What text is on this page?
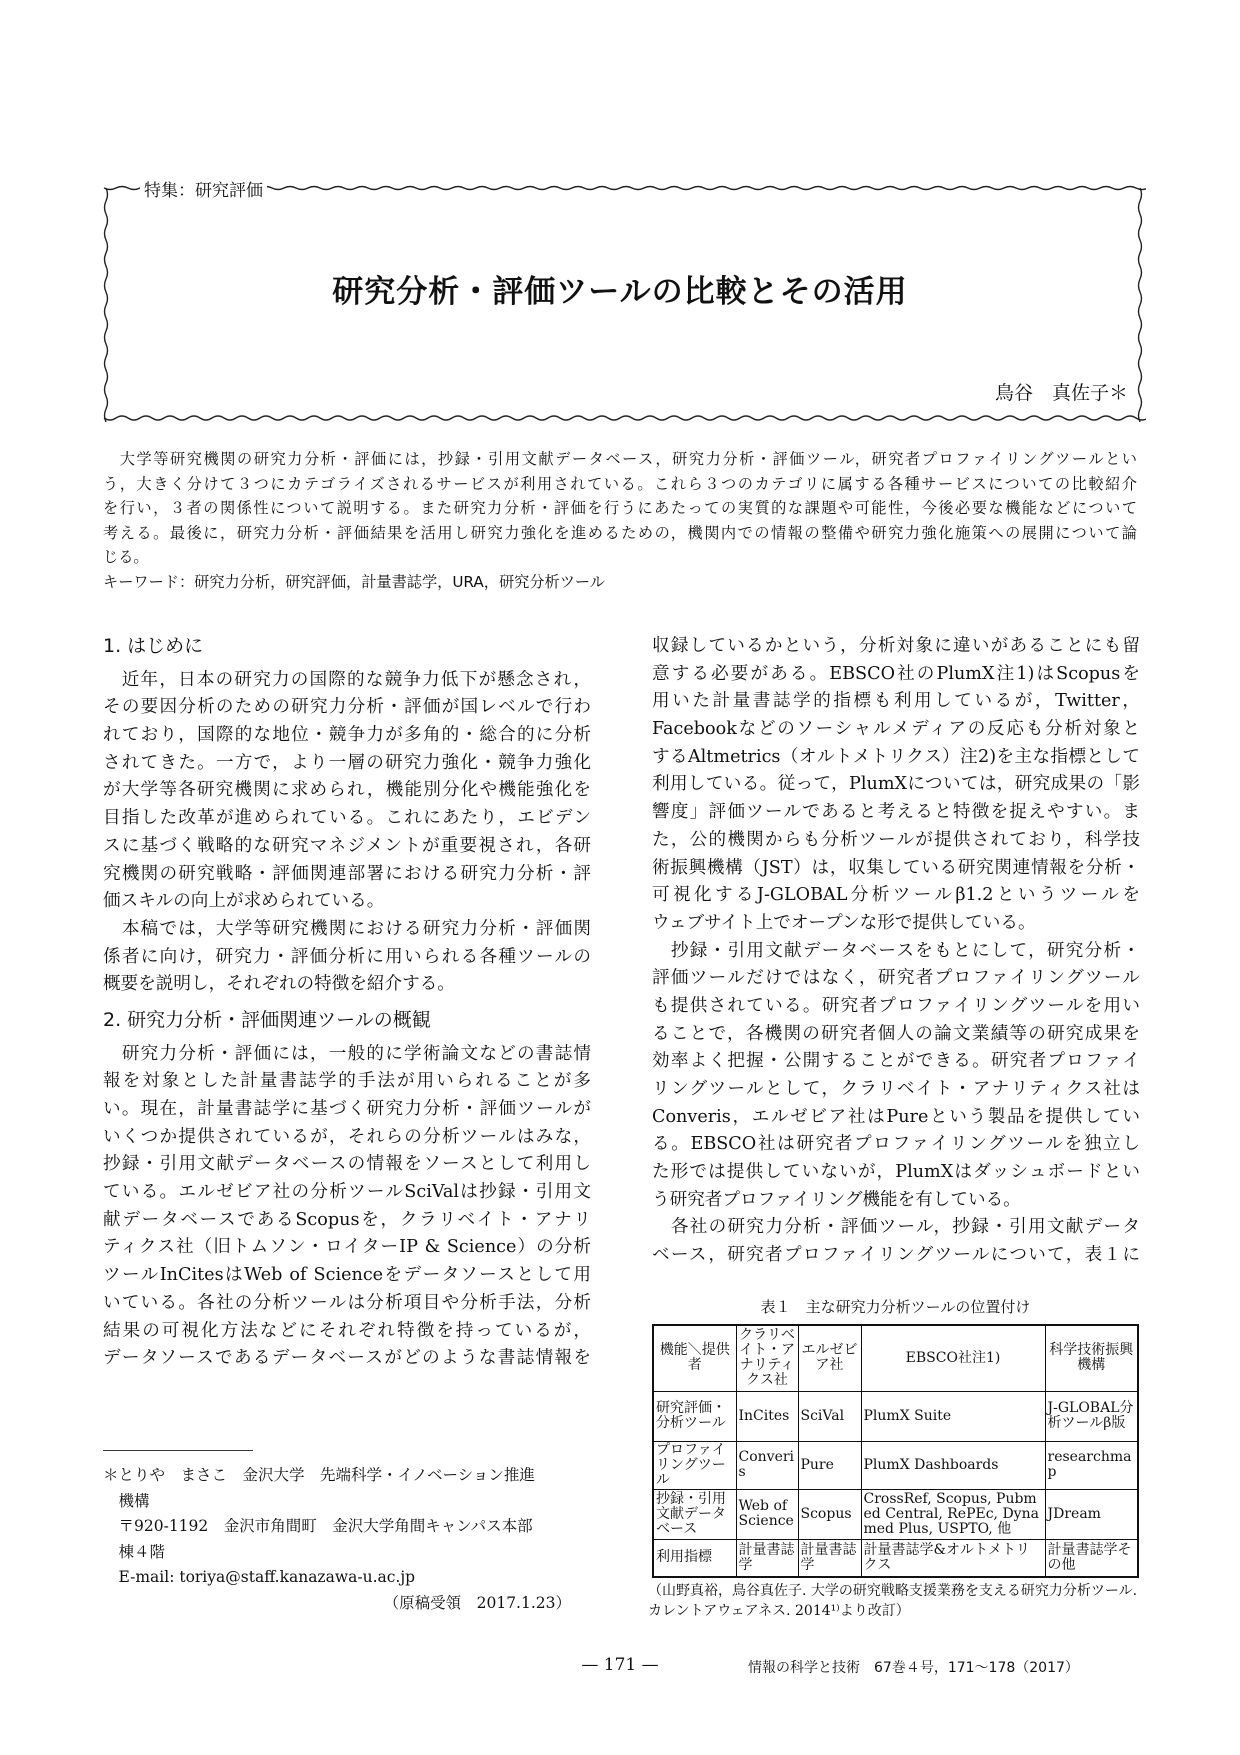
特集：研究評価
研究分析・評価ツールの比較とその活用
鳥谷　真佐子＊
　大学等研究機関の研究力分析・評価には，抄録・引用文献データベース，研究力分析・評価ツール，研究者プロファイリングツールとい
う，大きく分けて３つにカテゴライズされるサービスが利用されている。これら３つのカテゴリに属する各種サービスについての比較紹介
を行い，３者の関係性について説明する。また研究力分析・評価を行うにあたっての実質的な課題や可能性，今後必要な機能などについて
考える。最後に，研究力分析・評価結果を活用し研究力強化を進めるための，機関内での情報の整備や研究力強化施策への展開について論
じる。
キーワード：研究力分析，研究評価，計量書誌学，URA，研究分析ツール
1. はじめに
　近年，日本の研究力の国際的な競争力低下が懸念され，
その要因分析のための研究力分析・評価が国レベルで行わ
れており，国際的な地位・競争力が多角的・総合的に分析
されてきた。一方で，より一層の研究力強化・競争力強化
が大学等各研究機関に求められ，機能別分化や機能強化を
目指した改革が進められている。これにあたり，エビデン
スに基づく戦略的な研究マネジメントが重要視され，各研
究機関の研究戦略・評価関連部署における研究力分析・評
価スキルの向上が求められている。
　本稿では，大学等研究機関における研究力分析・評価関
係者に向け，研究力・評価分析に用いられる各種ツールの
概要を説明し，それぞれの特徴を紹介する。
2. 研究力分析・評価関連ツールの概観
　研究力分析・評価には，一般的に学術論文などの書誌情
報を対象とした計量書誌学的手法が用いられることが多
い。現在，計量書誌学に基づく研究力分析・評価ツールが
いくつか提供されているが，それらの分析ツールはみな，
抄録・引用文献データベースの情報をソースとして利用し
ている。エルゼビア社の分析ツールSciValは抄録・引用文
献データベースであるScopusを，クラリベイト・アナリ
ティクス社（旧トムソン・ロイターIP & Science）の分析
ツールInCitesはWeb of Scienceをデータソースとして用
いている。各社の分析ツールは分析項目や分析手法，分析
結果の可視化方法などにそれぞれ特徴を持っているが，
データソースであるデータベースがどのような書誌情報を
収録しているかという，分析対象に違いがあることにも留
意する必要がある。EBSCO社のPlumX注1)はScopusを
用いた計量書誌学的指標も利用しているが，Twitter，
Facebookなどのソーシャルメディアの反応も分析対象と
するAltmetrics（オルトメトリクス）注2)を主な指標として
利用している。従って，PlumXについては，研究成果の「影
響度」評価ツールであると考えると特徴を捉えやすい。ま
た，公的機関からも分析ツールが提供されており，科学技
術振興機構（JST）は，収集している研究関連情報を分析・
可視化するJ-GLOBAL分析ツールβ1.2というツールを
ウェブサイト上でオープンな形で提供している。
　抄録・引用文献データベースをもとにして，研究分析・
評価ツールだけではなく，研究者プロファイリングツール
も提供されている。研究者プロファイリングツールを用い
ることで，各機関の研究者個人の論文業績等の研究成果を
効率よく把握・公開することができる。研究者プロファイ
リングツールとして，クラリベイト・アナリティクス社は
Converis，エルゼビア社はPureという製品を提供してい
る。EBSCO社は研究者プロファイリングツールを独立し
た形では提供していないが，PlumXはダッシュボードとい
う研究者プロファイリング機能を有している。
　各社の研究力分析・評価ツール，抄録・引用文献データ
ベース，研究者プロファイリングツールについて，表１に
表１　主な研究力分析ツールの位置付け
機能＼提供者	クラリベイト・アナリティクス社	エルゼビア社	EBSCO社注1)	科学技術振興機構
研究評価・分析ツール	InCites	SciVal	PlumX Suite	J-GLOBAL分析ツールβ版
プロファイリングツール	Converis	Pure	PlumX Dashboards	researchmap
抄録・引用文献データベース	Web of Science	Scopus	CrossRef, Scopus, Pubmed Central, RePEc, Dynamed Plus, USPTO, 他	JDream
利用指標	計量書誌学	計量書誌学	計量書誌学&オルトメトリクス	計量書誌学その他
（山野真裕，鳥谷真佐子. 大学の研究戦略支援業務を支える研究力分析ツール. カレントアウェアネス. 2014¹⁾より改訂）
＊とりや　まさこ　金沢大学　先端科学・イノベーション推進
　機構
　〒920-1192　金沢市角間町　金沢大学角間キャンパス本部
　棟４階
　E-mail: toriya@staff.kanazawa-u.ac.jp
（原稿受領　2017.1.23）
— 171 —	情報の科学と技術　67巻４号，171〜178（2017）
